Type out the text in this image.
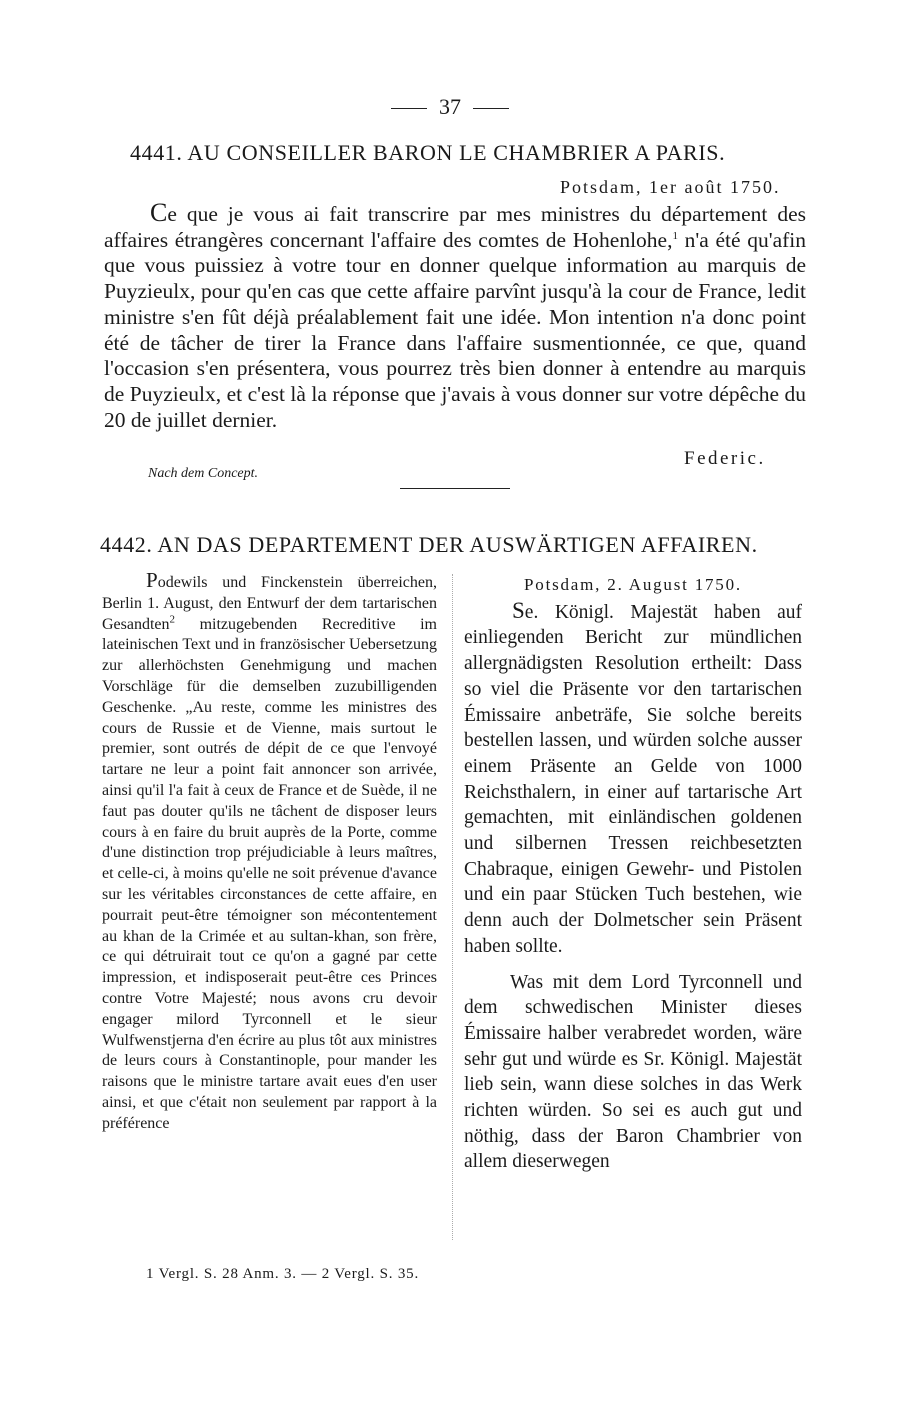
37
4441. AU CONSEILLER BARON LE CHAMBRIER A PARIS.
Potsdam, 1er août 1750.
Ce que je vous ai fait transcrire par mes ministres du département des affaires étrangères concernant l'affaire des comtes de Hohenlohe,$^1$ n'a été qu'afin que vous puissiez à votre tour en donner quelque information au marquis de Puyzieulx, pour qu'en cas que cette affaire parvînt jusqu'à la cour de France, ledit ministre s'en fût déjà préalablement fait une idée. Mon intention n'a donc point été de tâcher de tirer la France dans l'affaire susmentionnée, ce que, quand l'occasion s'en présentera, vous pourrez très bien donner à entendre au marquis de Puyzieulx, et c'est là la réponse que j'avais à vous donner sur votre dépêche du 20 de juillet dernier.
Federic.
Nach dem Concept.
4442. AN DAS DEPARTEMENT DER AUSWÄRTIGEN AFFAIREN.
Podewils und Finckenstein überreichen, Berlin 1. August, den Entwurf der dem tartarischen Gesandten$^2$ mitzugebenden Recreditive im lateinischen Text und in französischer Uebersetzung zur allerhöchsten Genehmigung und machen Vorschläge für die demselben zuzubilligenden Geschenke. „Au reste, comme les ministres des cours de Russie et de Vienne, mais surtout le premier, sont outrés de dépit de ce que l'envoyé tartare ne leur a point fait annoncer son arrivée, ainsi qu'il l'a fait à ceux de France et de Suède, il ne faut pas douter qu'ils ne tâchent de disposer leurs cours à en faire du bruit auprès de la Porte, comme d'une distinction trop préjudiciable à leurs maîtres, et celle-ci, à moins qu'elle ne soit prévenue d'avance sur les véritables circonstances de cette affaire, en pourrait peut-être témoigner son mécontentement au khan de la Crimée et au sultan-khan, son frère, ce qui détruirait tout ce qu'on a gagné par cette impression, et indisposerait peut-être ces Princes contre Votre Majesté; nous avons cru devoir engager milord Tyrconnell et le sieur Wulfwenstjerna d'en écrire au plus tôt aux ministres de leurs cours à Constantinople, pour mander les raisons que le ministre tartare avait eues d'en user ainsi, et que c'était non seulement par rapport à la préférence
Potsdam, 2. August 1750.

Se. Königl. Majestät haben auf einliegenden Bericht zur mündlichen allergnädigsten Resolution ertheilt: Dass so viel die Präsente vor den tartarischen Émissaire anbeträfe, Sie solche bereits bestellen lassen, und würden solche ausser einem Präsente an Gelde von 1000 Reichsthalern, in einer auf tartarische Art gemachten, mit einländischen goldenen und silbernen Tressen reichbesetzten Chabraque, einigen Gewehr- und Pistolen und ein paar Stücken Tuch bestehen, wie denn auch der Dolmetscher sein Präsent haben sollte.

Was mit dem Lord Tyrconnell und dem schwedischen Minister dieses Émissaire halber verabredet worden, wäre sehr gut und würde es Sr. Königl. Majestät lieb sein, wann diese solches in das Werk richten würden. So sei es auch gut und nöthig, dass der Baron Chambrier von allem dieserwegen

1 Vergl. S. 28 Anm. 3. — 2 Vergl. S. 35.
